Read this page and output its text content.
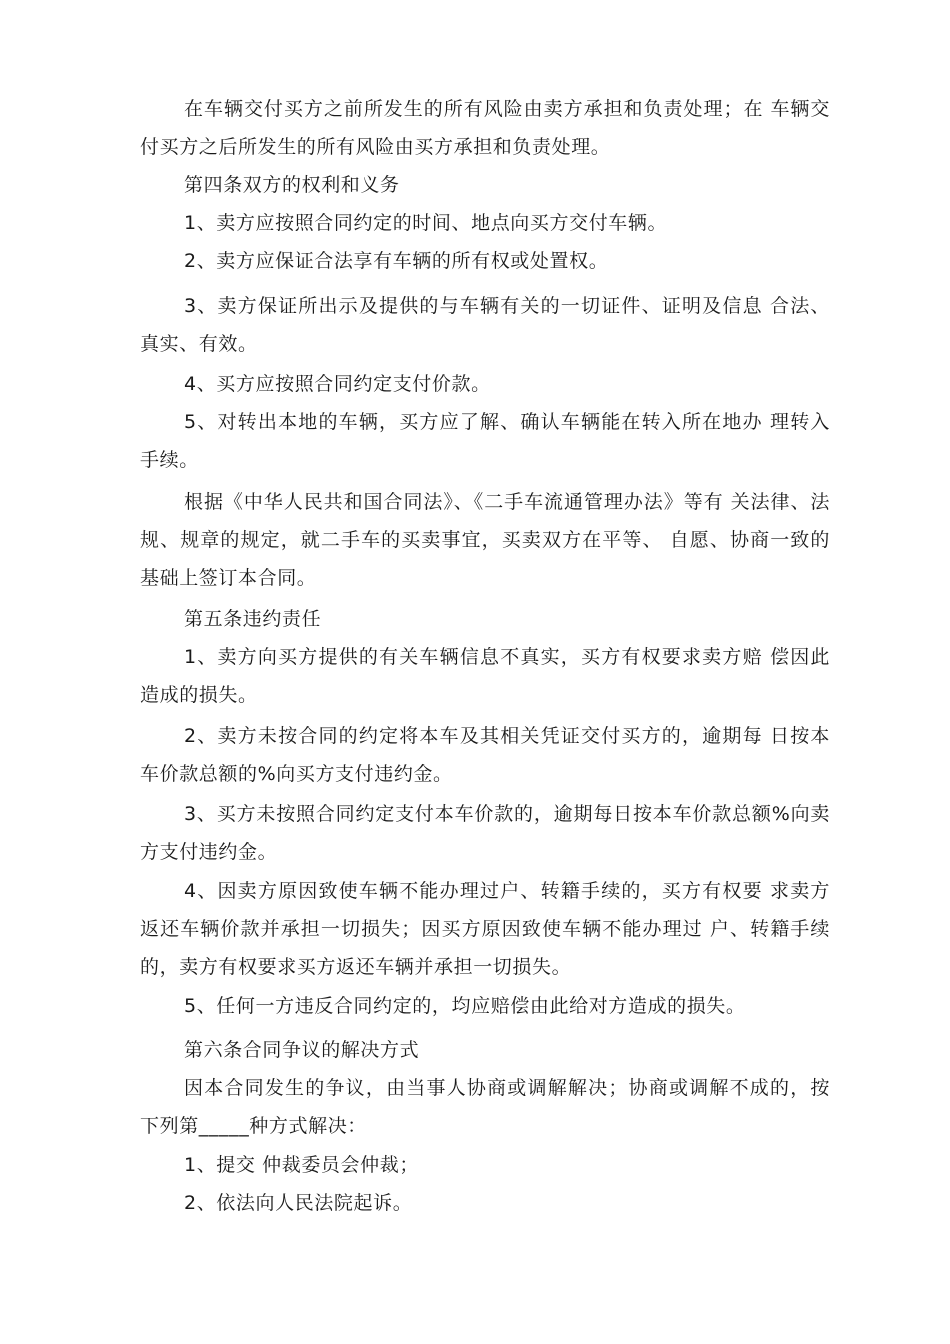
在车辆交付买方之前所发生的所有风险由卖方承担和负责处理；在 车辆交付买方之后所发生的所有风险由买方承担和负责处理。

第四条双方的权利和义务

1、卖方应按照合同约定的时间、地点向买方交付车辆。

2、卖方应保证合法享有车辆的所有权或处置权。

3、卖方保证所出示及提供的与车辆有关的一切证件、证明及信息 合法、真实、有效。

4、买方应按照合同约定支付价款。

5、对转出本地的车辆，买方应了解、确认车辆能在转入所在地办 理转入手续。

根据《中华人民共和国合同法》、《二手车流通管理办法》等有 关法律、法规、规章的规定，就二手车的买卖事宜，买卖双方在平等、 自愿、协商一致的基础上签订本合同。

第五条违约责任

1、卖方向买方提供的有关车辆信息不真实，买方有权要求卖方赔 偿因此造成的损失。

2、卖方未按合同的约定将本车及其相关凭证交付买方的，逾期每 日按本车价款总额的%向买方支付违约金。

3、买方未按照合同约定支付本车价款的，逾期每日按本车价款总额%向卖方支付违约金。

4、因卖方原因致使车辆不能办理过户、转籍手续的，买方有权要 求卖方返还车辆价款并承担一切损失；因买方原因致使车辆不能办理过 户、转籍手续的，卖方有权要求买方返还车辆并承担一切损失。

5、任何一方违反合同约定的，均应赔偿由此给对方造成的损失。

第六条合同争议的解决方式

因本合同发生的争议，由当事人协商或调解解决；协商或调解不成的，按下列第_____种方式解决：

1、提交 仲裁委员会仲裁；

2、依法向人民法院起诉。
